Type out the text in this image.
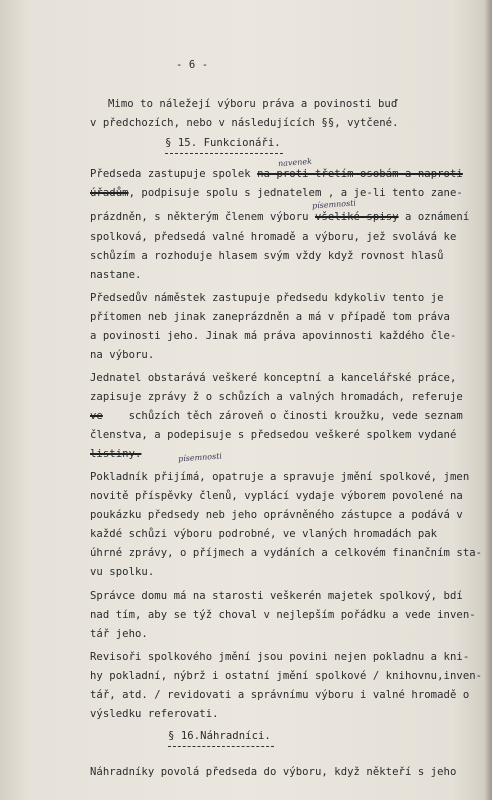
- 6 -
Mimo to náležejí výboru práva a povinosti buď
v předchozích, nebo v následujících §§, vytčené.
§ 15. Funkcionáři.
navenek
Předseda zastupuje spolek na-proti třetím osobám a naproti
písemnosti
úřadům, podpisuje spolu s jednatelem , a je-li tento zane-
prázdněn, s některým členem výboru všeliké spisy a oznámení
spolková, předsedá valné hromadě a výboru, jež svolává ke
schůzím a rozhoduje hlasem svým vždy když rovnost hlasů
nastane.
Předsedův náměstek zastupuje předsedu kdykoliv tento je
přítomen neb jinak zaneprázdněn a má v případě tom práva
a povinosti jeho. Jinak má práva apovinnosti každého čle-
na výboru.
Jednatel obstarává veškeré konceptní a kancelářské práce,
zapisuje zprávy ž o schůzích a valných hromadách, referuje
ve    schůzích těch zároveň o činosti kroužku, vede seznam
členstva, a podepisuje s předsedou veškeré spolkem vydané
písemnosti
listiny.
Pokladník přijímá, opatruje a spravuje jmění spolkové, jmen
novitě příspěvky členů, vyplácí vydaje výborem povolené na
poukázku předsedy neb jeho oprávněného zástupce a podává v
každé schůzi výboru podrobné, ve vlaných hromadách pak
úhrné zprávy, o příjmech a vydáních a celkovém finančním sta-
vu spolku.
Správce domu má na starosti veškerén majetek spolkový, bdí
nad tím, aby se týž choval v nejlepším pořádku a vede inven-
tář jeho.
Revisoři spolkového jmění jsou povini nejen pokladnu a kni-
hy pokladní, nýbrž i ostatní jmění spolkové / knihovnu,inven-
tář, atd. / revidovati a správnímu výboru i valné hromadě o
výsledku referovati.
§ 16.Náhradníci.
Náhradníky povolá předseda do výboru, když někteří s jeho
